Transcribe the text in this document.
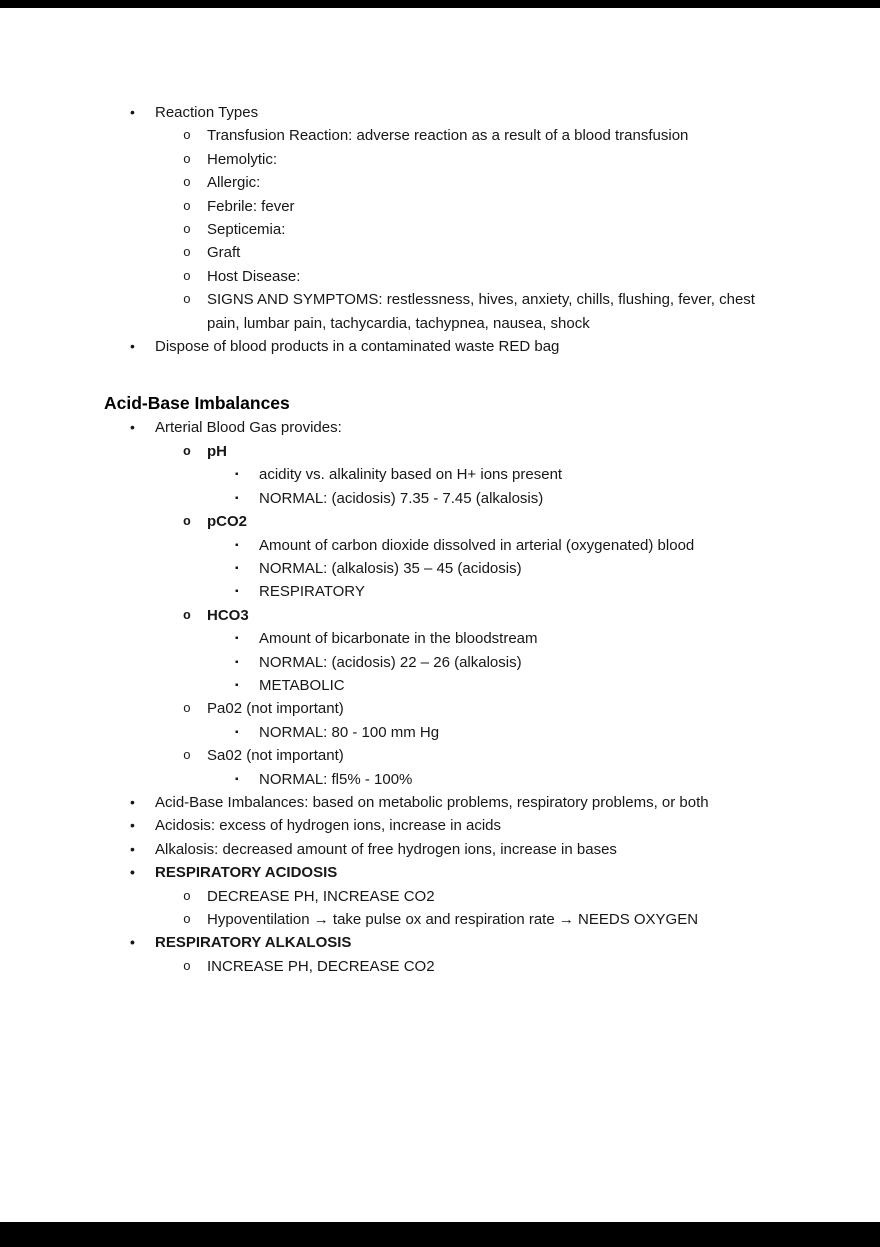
• Reaction Types
o Transfusion Reaction: adverse reaction as a result of a blood transfusion
o Hemolytic:
o Allergic:
o Febrile: fever
o Septicemia:
o Graft
o Host Disease:
o SIGNS AND SYMPTOMS: restlessness, hives, anxiety, chills, flushing, fever, chest pain, lumbar pain, tachycardia, tachypnea, nausea, shock
• Dispose of blood products in a contaminated waste RED bag
Acid-Base Imbalances
• Arterial Blood Gas provides:
o pH
▪ acidity vs. alkalinity based on H+ ions present
▪ NORMAL: (acidosis) 7.35 - 7.45 (alkalosis)
o pCO2
▪ Amount of carbon dioxide dissolved in arterial (oxygenated) blood
▪ NORMAL: (alkalosis) 35 – 45 (acidosis)
▪ RESPIRATORY
o HCO3
▪ Amount of bicarbonate in the bloodstream
▪ NORMAL: (acidosis) 22 – 26 (alkalosis)
▪ METABOLIC
o Pa02 (not important)
▪ NORMAL: 80 - 100 mm Hg
o Sa02 (not important)
▪ NORMAL: fl5% - 100%
• Acid-Base Imbalances: based on metabolic problems, respiratory problems, or both
• Acidosis: excess of hydrogen ions, increase in acids
• Alkalosis: decreased amount of free hydrogen ions, increase in bases
• RESPIRATORY ACIDOSIS
o DECREASE PH, INCREASE CO2
o Hypoventilation → take pulse ox and respiration rate → NEEDS OXYGEN
• RESPIRATORY ALKALOSIS
o INCREASE PH, DECREASE CO2
